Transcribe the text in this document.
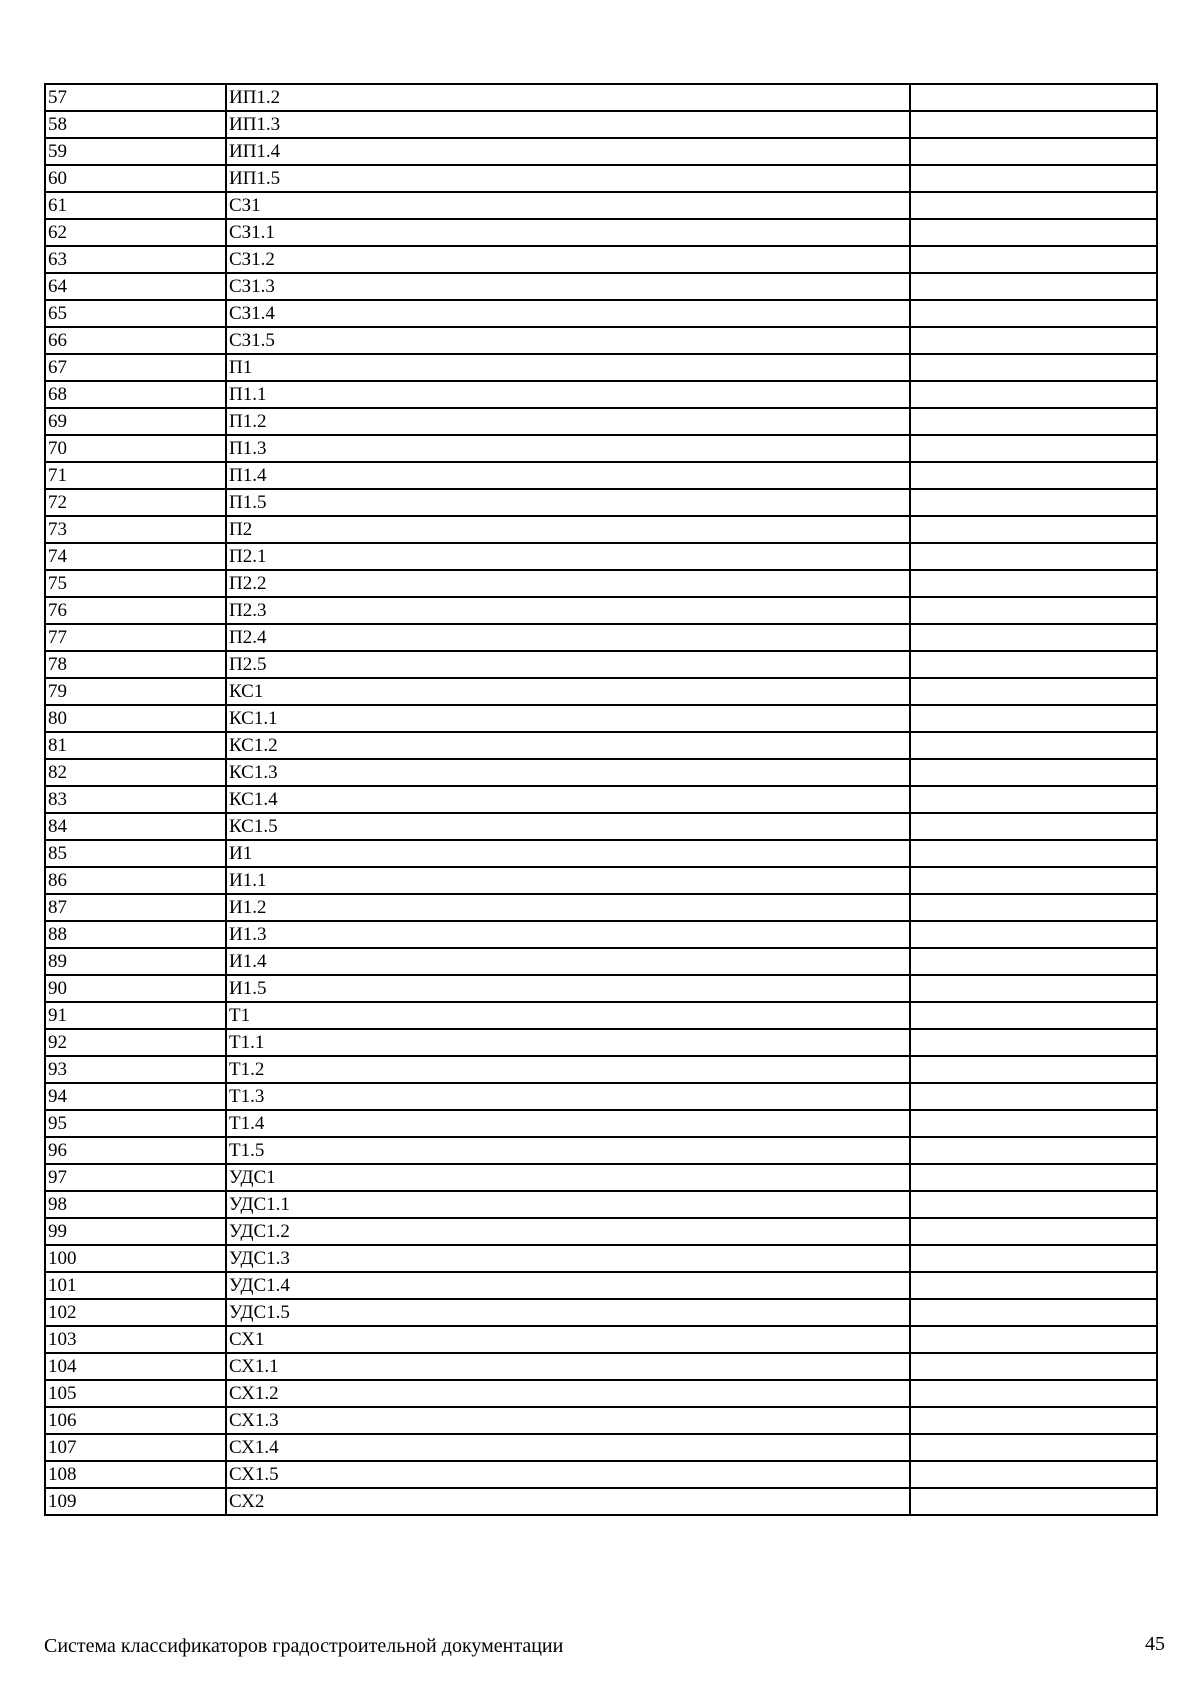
57	ИП1.2	
58	ИП1.3	
59	ИП1.4	
60	ИП1.5	
61	СЗ1	
62	СЗ1.1	
63	СЗ1.2	
64	СЗ1.3	
65	СЗ1.4	
66	СЗ1.5	
67	П1	
68	П1.1	
69	П1.2	
70	П1.3	
71	П1.4	
72	П1.5	
73	П2	
74	П2.1	
75	П2.2	
76	П2.3	
77	П2.4	
78	П2.5	
79	КС1	
80	КС1.1	
81	КС1.2	
82	КС1.3	
83	КС1.4	
84	КС1.5	
85	И1	
86	И1.1	
87	И1.2	
88	И1.3	
89	И1.4	
90	И1.5	
91	Т1	
92	Т1.1	
93	Т1.2	
94	Т1.3	
95	Т1.4	
96	Т1.5	
97	УДС1	
98	УДС1.1	
99	УДС1.2	
100	УДС1.3	
101	УДС1.4	
102	УДС1.5	
103	СХ1	
104	СХ1.1	
105	СХ1.2	
106	СХ1.3	
107	СХ1.4	
108	СХ1.5	
109	СХ2	
Система классификаторов градостроительной документации	45
